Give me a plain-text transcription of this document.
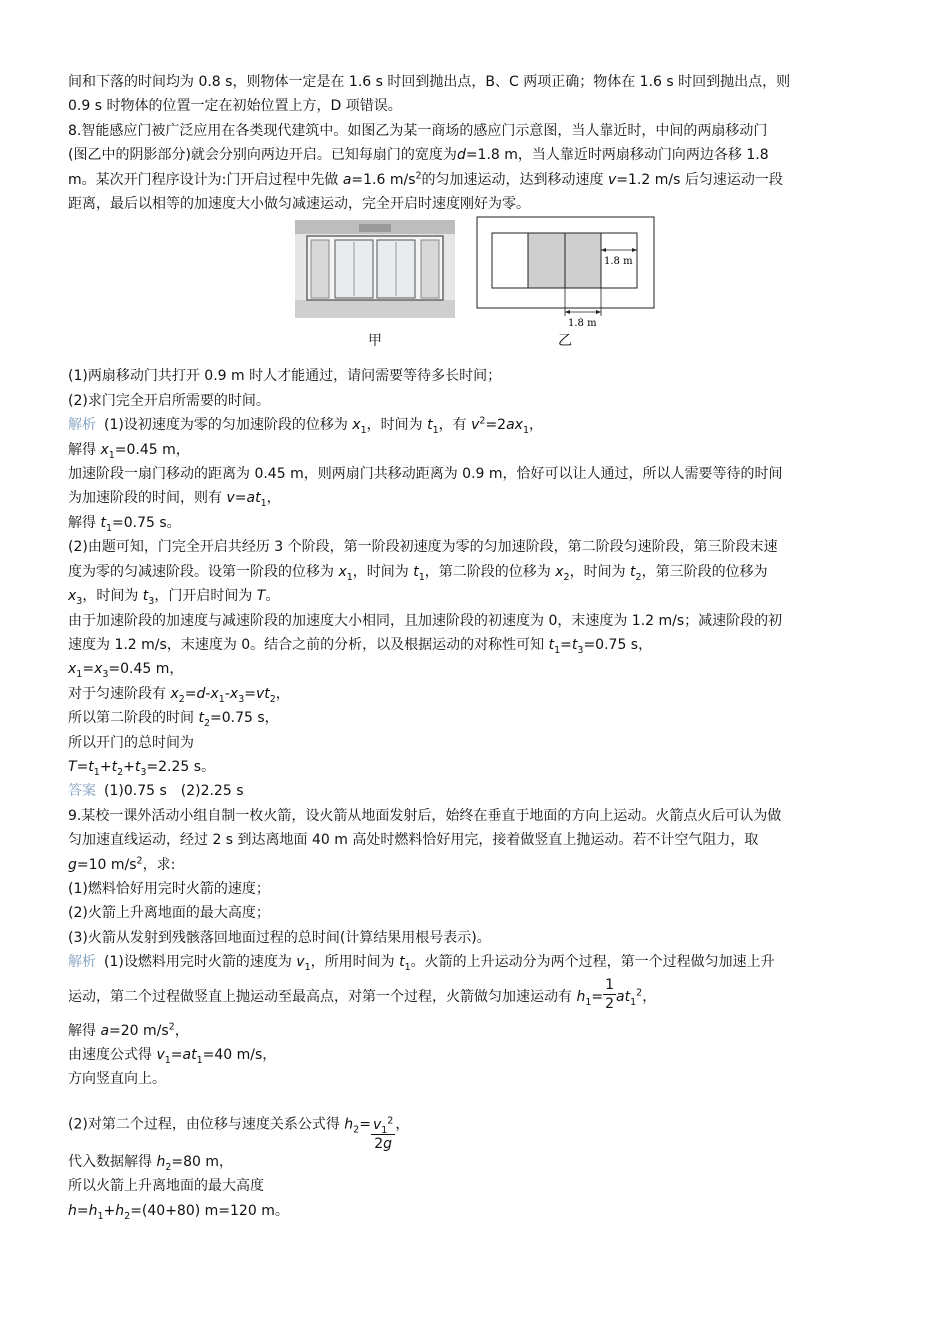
间和下落的时间均为 0.8 s，则物体一定是在 1.6 s 时回到抛出点，B、C 两项正确；物体在 1.6 s 时回到抛出点，则

0.9 s 时物体的位置一定在初始位置上方，D 项错误。

8.智能感应门被广泛应用在各类现代建筑中。如图乙为某一商场的感应门示意图，当人靠近时，中间的两扇移动门

(图乙中的阴影部分)就会分别向两边开启。已知每扇门的宽度为d=1.8 m，当人靠近时两扇移动门向两边各移 1.8

m。某次开门程序设计为:门开启过程中先做 a=1.6 $m/s^2$的匀加速运动，达到移动速度 v=1.2 m/s 后匀速运动一段

距离，最后以相等的加速度大小做匀减速运动，完全开启时速度刚好为零。

甲
1.8 m
1.8 m
乙

(1)两扇移动门共打开 0.9 m 时人才能通过，请问需要等待多长时间；

(2)求门完全开启所需要的时间。

解析 (1)设初速度为零的匀加速阶段的位移为 $x_1$，时间为 $t_1$，有 $v^2=2ax_1$，

解得 $x_1=0.45$ m，

加速阶段一扇门移动的距离为 0.45 m，则两扇门共移动距离为 0.9 m，恰好可以让人通过，所以人需要等待的时间

为加速阶段的时间，则有 $v=at_1$，

解得 $t_1=0.75$ s。

(2)由题可知，门完全开启共经历 3 个阶段，第一阶段初速度为零的匀加速阶段，第二阶段匀速阶段，第三阶段末速

度为零的匀减速阶段。设第一阶段的位移为 $x_1$，时间为 $t_1$，第二阶段的位移为 $x_2$，时间为 $t_2$，第三阶段的位移为

$x_3$，时间为 $t_3$，门开启时间为 T。

由于加速阶段的加速度与减速阶段的加速度大小相同，且加速阶段的初速度为 0，末速度为 1.2 m/s；减速阶段的初

速度为 1.2 m/s，末速度为 0。结合之前的分析，以及根据运动的对称性可知 $t_1=t_3=0.75$ s，

$x_1=x_3=0.45$ m，

对于匀速阶段有 $x_2=d-x_1-x_3=vt_2$，

所以第二阶段的时间 $t_2=0.75$ s，

所以开门的总时间为

$T=t_1+t_2+t_3=2.25$ s。

答案 (1)0.75 s　(2)2.25 s

9.某校一课外活动小组自制一枚火箭，设火箭从地面发射后，始终在垂直于地面的方向上运动。火箭点火后可认为做

匀加速直线运动，经过 2 s 到达离地面 40 m 高处时燃料恰好用完，接着做竖直上抛运动。若不计空气阻力，取

g=10 $m/s^2$，求:

(1)燃料恰好用完时火箭的速度；

(2)火箭上升离地面的最大高度；

(3)火箭从发射到残骸落回地面过程的总时间(计算结果用根号表示)。

解析 (1)设燃料用完时火箭的速度为 $v_1$，所用时间为 $t_1$。火箭的上升运动分为两个过程，第一个过程做匀加速上升

运动，第二个过程做竖直上抛运动至最高点，对第一个过程，火箭做匀加速运动有 $h_1= \frac{1}{2} at_1^2$，

解得 a=20 $m/s^2$，

由速度公式得 $v_1=at_1=40$ m/s，

方向竖直向上。

(2)对第二个过程，由位移与速度关系公式得 $h_2= \frac{v_1^2}{2g}$ ，

代入数据解得 $h_2=80$ m，

所以火箭上升离地面的最大高度

$h=h_1+h_2=(40+80)$ m=120 m。
